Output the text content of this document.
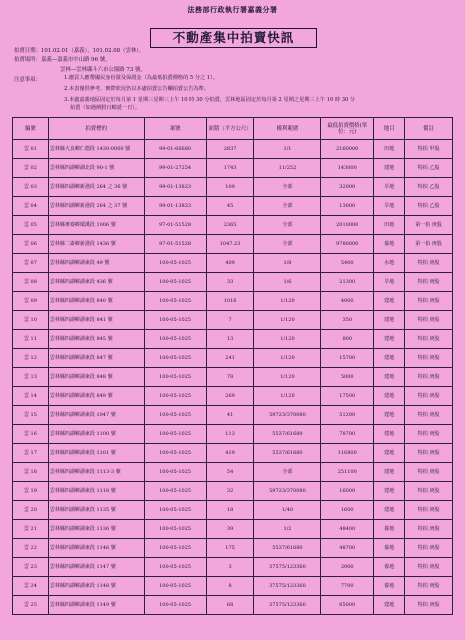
法務部行政執行署嘉義分署
不動產集中拍賣快訊
拍賣日期：101.02.01（嘉義）、101.02.08（雲林）。
拍賣場所：嘉義—嘉義市中山路 96 號，
雲林—雲林縣斗六市公園路 73 號。
注意事項：	1.應買人應帶國民身份證及保證金（為最低拍賣價格的 5 分之 1）。
2.本表僅供參考，實際狀況仍以本處拍賣公告欄拍賣公告為準。
3.本處嘉義地區固定於每月第 1 星期三星期三上午 10 時 30 分拍賣，雲林地區固定於每月第 2 星期之星期三上午 10 時 30 分
拍賣（如遇例假日順延一日）。
編號	拍賣標的	案號	面積（平方公尺）	權利範圍	最低拍賣價格(單位：元)	地目	備註
雲 01	雲林縣大良鄉仁德段 1430-0000 號	99-01-66680	2837	1/1	2160000	田地	特拍 甲股
雲 02	雲林縣四湖鄉湖北段 90-1 號	99-01-27254	1743	11/252	143000	建地	特拍 乙股
雲 03	雲林縣四湖鄉新港段 264 之 36 號	99-01-13823	109	全部	32000	旱地	特拍 乙股
雲 04	雲林縣四湖鄉新港段 264 之 37 號	99-01-13823	45	全部	13000	旱地	特拍 乙股
雲 05	雲林縣麥寮鄉環溪段 1006 號	97-01-51528	2365	全部	2010000	田地	第一拍 庚股
雲 06	雲林縣二崙鄉新港段 1436 號	97-01-51528	1047.23	全部	9780000	養地	第一拍 庚股
雲 07	雲林縣四湖鄉湖東段 49 號	100-05-1025	409	1/8	5400	水地	特拍 庚股
雲 08	雲林縣四湖鄉湖東段 436 號	100-05-1025	33	1/6	21300	旱地	特拍 庚股
雲 09	雲林縣四湖鄉湖東段 840 號	100-05-1025	1016	1/120	4900	建地	特拍 庚股
雲 10	雲林縣四湖鄉湖東段 841 號	100-05-1025	7	1/120	350	建地	特拍 庚股
雲 11	雲林縣四湖鄉湖東段 845 號	100-05-1025	13	1/120	800	建地	特拍 庚股
雲 12	雲林縣四湖鄉湖東段 847 號	100-05-1025	241	1/120	15700	建地	特拍 庚股
雲 13	雲林縣四湖鄉湖東段 848 號	100-05-1025	78	1/120	5000	建地	特拍 庚股
雲 14	雲林縣四湖鄉湖東段 849 號	100-05-1025	269	1/120	17500	建地	特拍 庚股
雲 15	雲林縣四湖鄉湖東段 1047 號	100-05-1025	41	59723/370080	51200	建地	特拍 庚股
雲 16	雲林縣四湖鄉湖東段 1100 號	100-05-1025	113	5537/61680	78700	建地	特拍 庚股
雲 17	雲林縣四湖鄉湖東段 1101 號	100-05-1025	419	5537/61680	116800	建地	特拍 庚股
雲 18	雲林縣四湖鄉湖東段 1113-3 號	100-05-1025	54	全部	251100	建地	特拍 庚股
雲 19	雲林縣四湖鄉湖東段 1118 號	100-05-1025	32	59723/370080	16000	建地	特拍 庚股
雲 20	雲林縣四湖鄉湖東段 1135 號	100-05-1025	18	1/40	1600	建地	特拍 庚股
雲 21	雲林縣四湖鄉湖東段 1136 號	100-05-1025	39	1/2	48400	養地	特拍 庚股
雲 22	雲林縣四湖鄉湖東段 1146 號	100-05-1025	175	5537/61680	48700	養地	特拍 庚股
雲 23	雲林縣四湖鄉湖東段 1147 號	100-05-1025	3	37575/123360	2900	養地	特拍 庚股
雲 24	雲林縣四湖鄉湖東段 1148 號	100-05-1025	8	37575/123360	7700	養地	特拍 庚股
雲 25	雲林縣四湖鄉湖東段 1149 號	100-05-1025	68	37575/123360	65000	建地	特拍 庚股
